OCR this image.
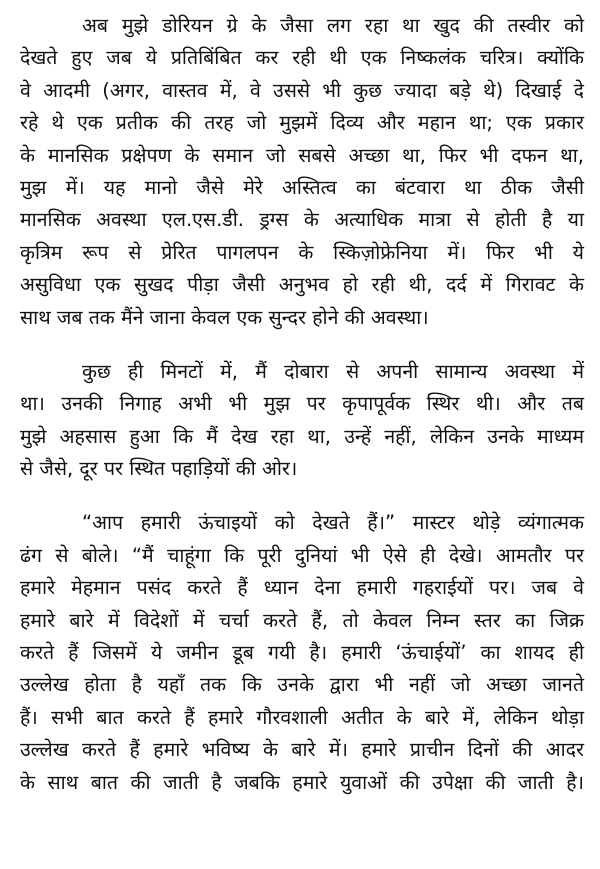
अब मुझे डोरियन ग्रे के जैसा लग रहा था खुद की तस्वीर को
देखते हुए जब ये प्रतिबिंबित कर रही थी एक निष्कलंक चरित्र। क्योंकि
वे आदमी (अगर, वास्तव में, वे उससे भी कुछ ज्यादा बड़े थे) दिखाई दे
रहे थे एक प्रतीक की तरह जो मुझमें दिव्य और महान था; एक प्रकार
के मानसिक प्रक्षेपण के समान जो सबसे अच्छा था, फिर भी दफन था,
मुझ में। यह मानो जैसे मेरे अस्तित्व का बंटवारा था ठीक जैसी
मानसिक अवस्था एल.एस.डी. ड्रग्स के अत्याधिक मात्रा से होती है या
कृत्रिम रूप से प्रेरित पागलपन के स्किज़ोफ्रेनिया में। फिर भी ये
असुविधा एक सुखद पीड़ा जैसी अनुभव हो रही थी, दर्द में गिरावट के
साथ जब तक मैंने जाना केवल एक सुन्दर होने की अवस्था।
कुछ ही मिनटों में, मैं दोबारा से अपनी सामान्य अवस्था में
था। उनकी निगाह अभी भी मुझ पर कृपापूर्वक स्थिर थी। और तब
मुझे अहसास हुआ कि मैं देख रहा था, उन्हें नहीं, लेकिन उनके माध्यम
से जैसे, दूर पर स्थित पहाड़ियों की ओर।
“आप हमारी ऊंचाइयों को देखते हैं।” मास्टर थोड़े व्यंगात्मक
ढंग से बोले। “मैं चाहूंगा कि पूरी दुनियां भी ऐसे ही देखे। आमतौर पर
हमारे मेहमान पसंद करते हैं ध्यान देना हमारी गहराईयों पर। जब वे
हमारे बारे में विदेशों में चर्चा करते हैं, तो केवल निम्न स्तर का जिक्र
करते हैं जिसमें ये जमीन डूब गयी है। हमारी ‘ऊंचाईयों’ का शायद ही
उल्लेख होता है यहाँ तक कि उनके द्वारा भी नहीं जो अच्छा जानते
हैं। सभी बात करते हैं हमारे गौरवशाली अतीत के बारे में, लेकिन थोड़ा
उल्लेख करते हैं हमारे भविष्य के बारे में। हमारे प्राचीन दिनों की आदर
के साथ बात की जाती है जबकि हमारे युवाओं की उपेक्षा की जाती है।
